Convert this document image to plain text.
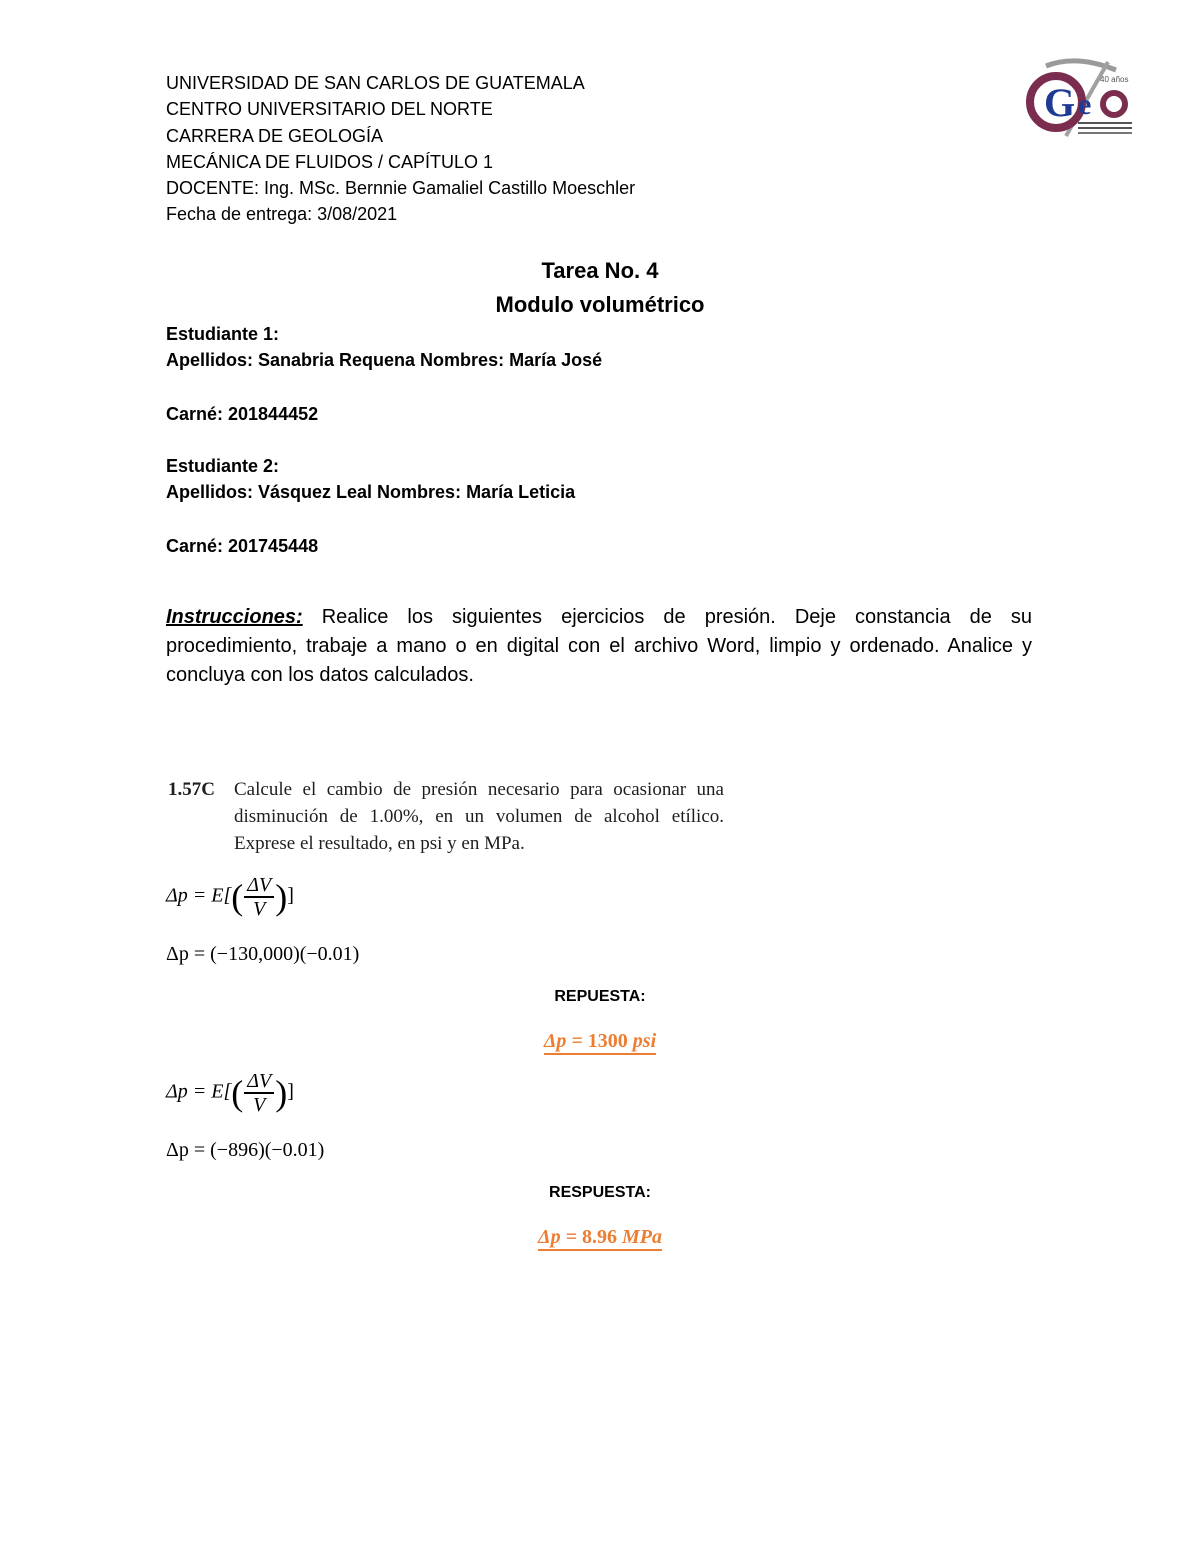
UNIVERSIDAD DE SAN CARLOS DE GUATEMALA
CENTRO UNIVERSITARIO DEL NORTE
CARRERA DE GEOLOGÍA
MECÁNICA DE FLUIDOS / CAPÍTULO 1
DOCENTE: Ing. MSc. Bernnie Gamaliel Castillo Moeschler
Fecha de entrega: 3/08/2021
G e
40 años
Tarea No. 4
Modulo volumétrico
Estudiante 1:
Apellidos: Sanabria Requena Nombres: María José
Carné: 201844452
Estudiante 2:
Apellidos: Vásquez Leal Nombres: María Leticia
Carné: 201745448
Instrucciones: Realice los siguientes ejercicios de presión. Deje constancia de su procedimiento, trabaje a mano o en digital con el archivo Word, limpio y ordenado. Analice y concluya con los datos calculados.
1.57C Calcule el cambio de presión necesario para ocasionar una disminución de 1.00%, en un volumen de alcohol etílico. Exprese el resultado, en psi y en MPa.
$\Delta p = E[( \frac{\Delta V}{V}$ )]
Δp = (−130,000)(−0.01)
REPUESTA:
Δp = 1300 psi
$\Delta p = E[( \frac{\Delta V}{V}$ )]
Δp = (−896)(−0.01)
RESPUESTA:
Δp = 8.96 MPa
